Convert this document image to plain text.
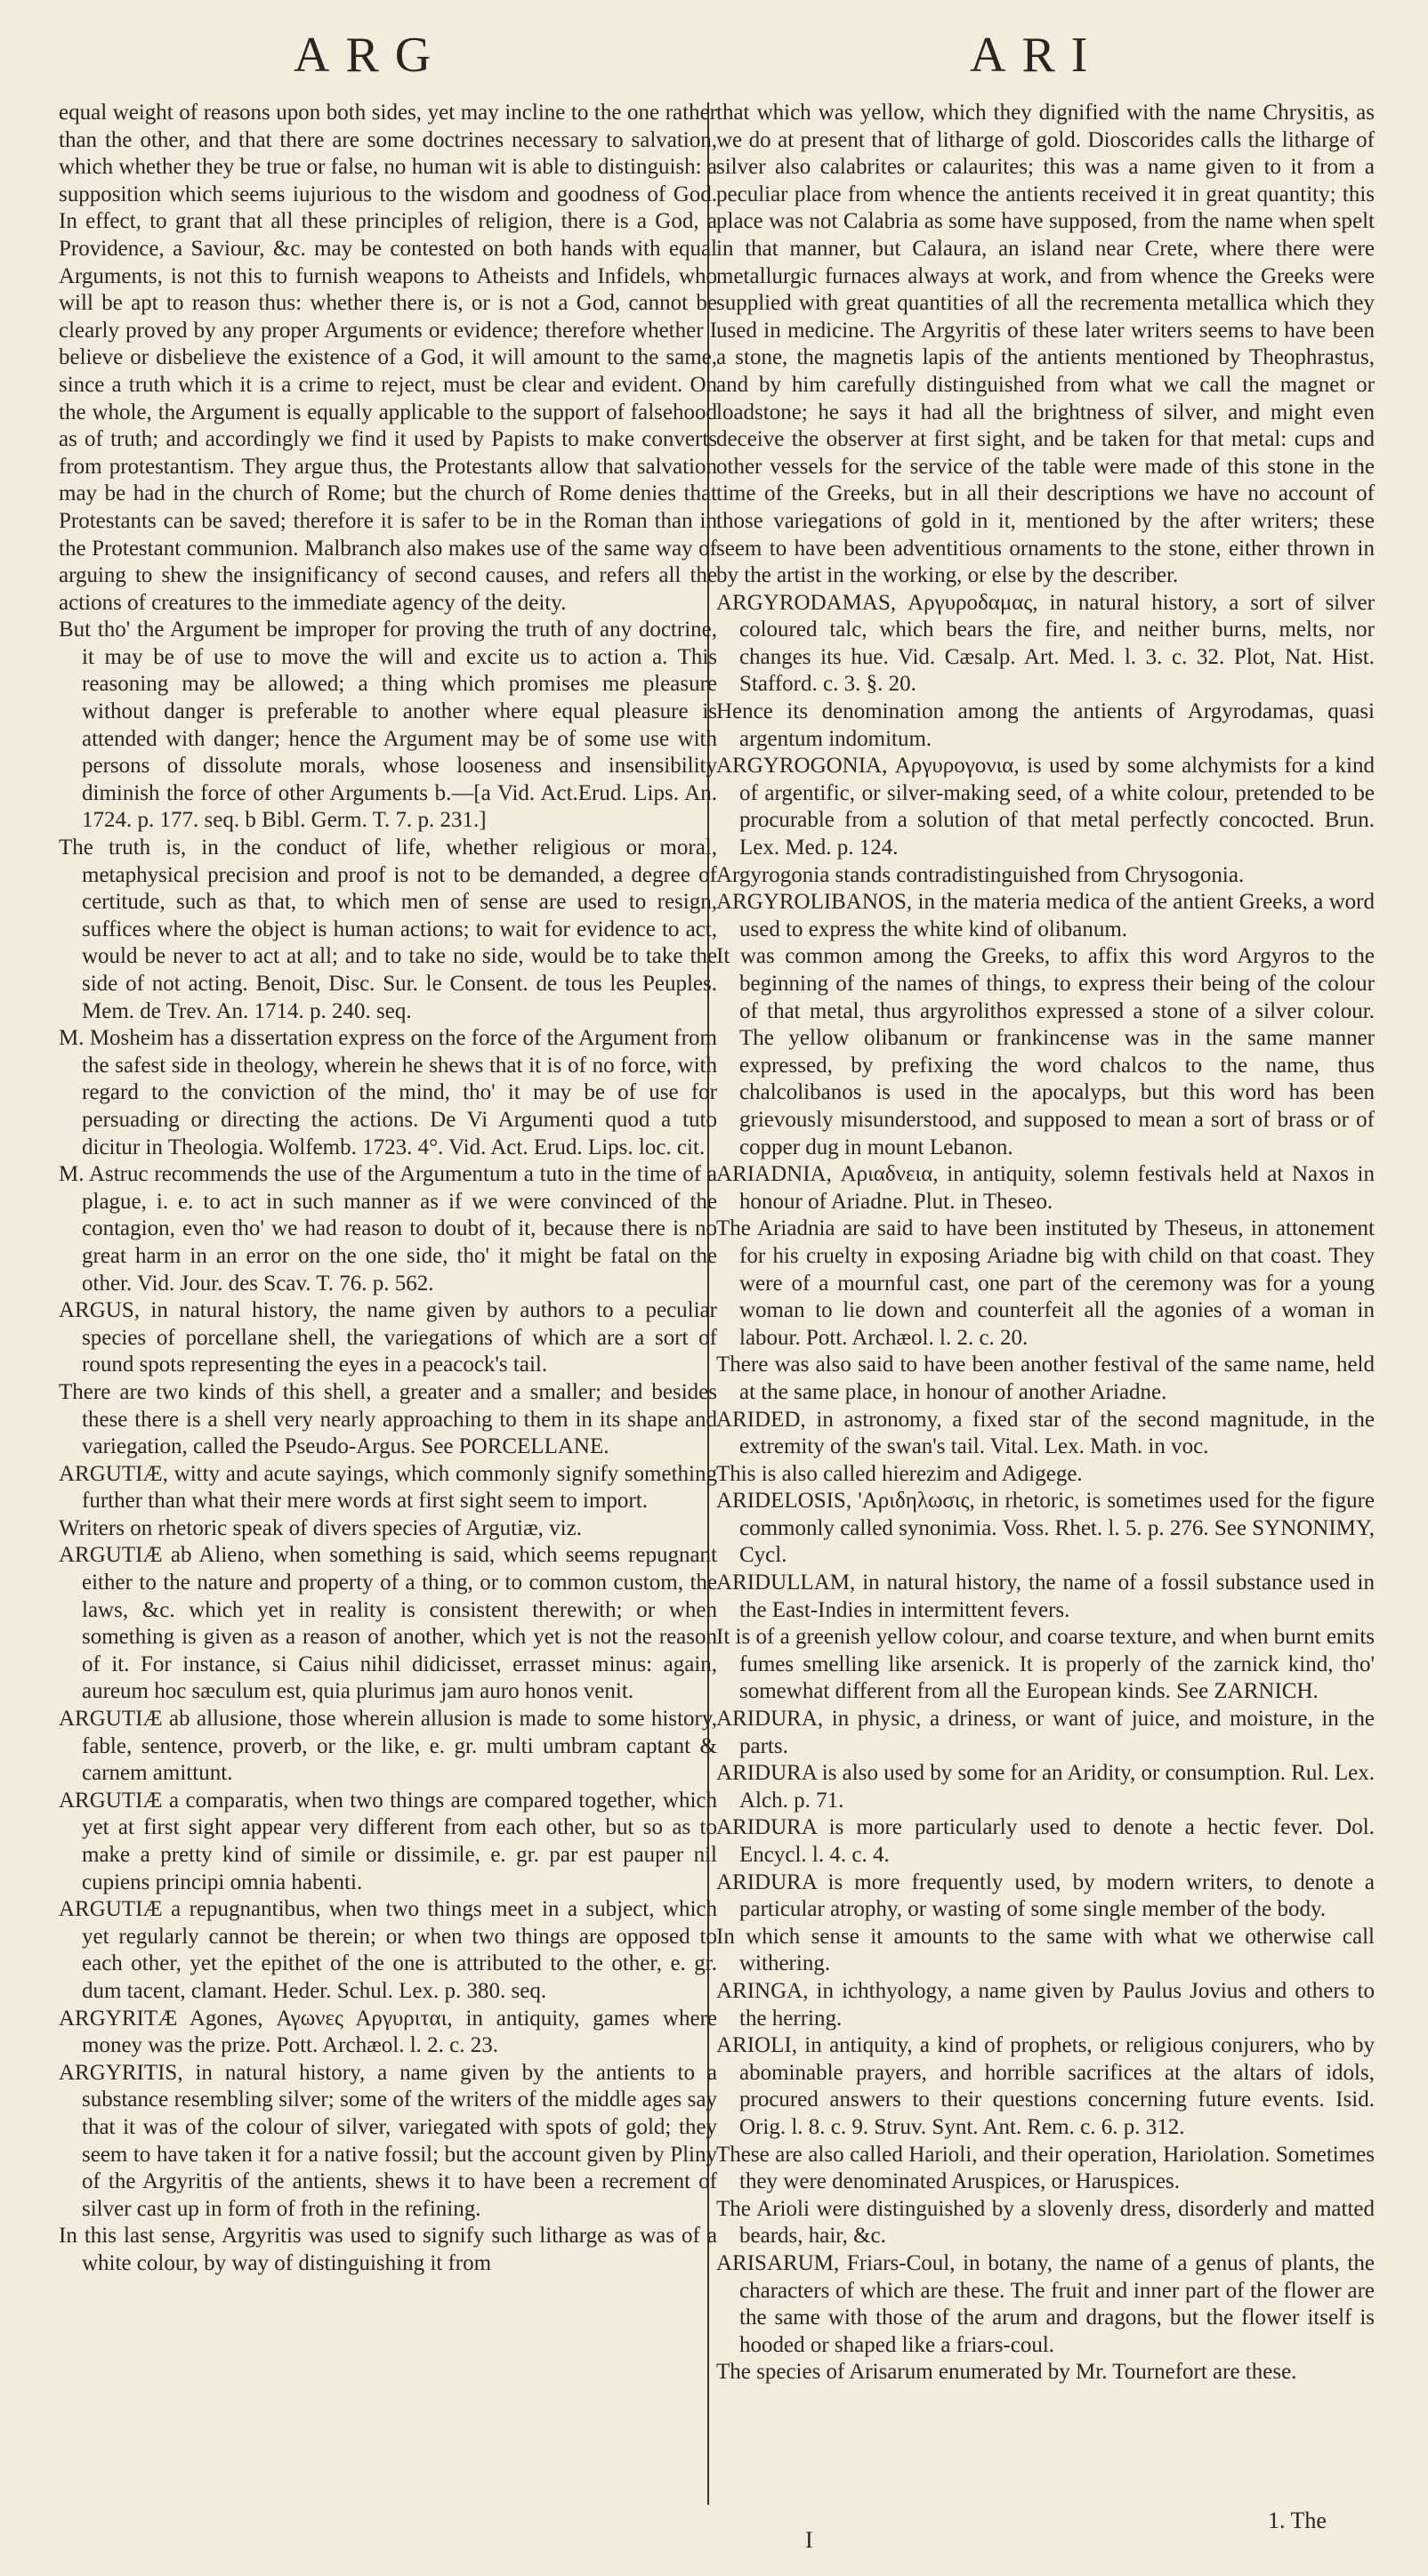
ARG	ARI

equal weight of reasons upon both sides, yet may incline to the one rather than the other, and that there are some doctrines necessary to salvation, which whether they be true or false, no human wit is able to distinguish: a supposition which seems iujurious to the wisdom and goodness of God. In effect, to grant that all these principles of religion, there is a God, a Providence, a Saviour, &c. may be contested on both hands with equal Arguments, is not this to furnish weapons to Atheists and Infidels, who will be apt to reason thus: whether there is, or is not a God, cannot be clearly proved by any proper Arguments or evidence; therefore whether I believe or disbelieve the existence of a God, it will amount to the same, since a truth which it is a crime to reject, must be clear and evident. On the whole, the Argument is equally applicable to the support of falsehood as of truth; and accordingly we find it used by Papists to make converts from protestantism. They argue thus, the Protestants allow that salvation may be had in the church of Rome; but the church of Rome denies that Protestants can be saved; therefore it is safer to be in the Roman than in the Protestant communion. Malbranch also makes use of the same way of arguing to shew the insignificancy of second causes, and refers all the actions of creatures to the immediate agency of the deity.

But tho' the Argument be improper for proving the truth of any doctrine, it may be of use to move the will and excite us to action a. This reasoning may be allowed; a thing which promises me pleasure without danger is preferable to another where equal pleasure is attended with danger; hence the Argument may be of some use with persons of dissolute morals, whose looseness and insensibility diminish the force of other Arguments b.—[a Vid. Act.Erud. Lips. An. 1724. p. 177. seq. b Bibl. Germ. T. 7. p. 231.]

The truth is, in the conduct of life, whether religious or moral, metaphysical precision and proof is not to be demanded, a degree of certitude, such as that, to which men of sense are used to resign, suffices where the object is human actions; to wait for evidence to act, would be never to act at all; and to take no side, would be to take the side of not acting. Benoit, Disc. Sur. le Consent. de tous les Peuples. Mem. de Trev. An. 1714. p. 240. seq.

M. Mosheim has a dissertation express on the force of the Argument from the safest side in theology, wherein he shews that it is of no force, with regard to the conviction of the mind, tho' it may be of use for persuading or directing the actions. De Vi Argumenti quod a tuto dicitur in Theologia. Wolfemb. 1723. 4°. Vid. Act. Erud. Lips. loc. cit.

M. Astruc recommends the use of the Argumentum a tuto in the time of a plague, i. e. to act in such manner as if we were convinced of the contagion, even tho' we had reason to doubt of it, because there is no great harm in an error on the one side, tho' it might be fatal on the other. Vid. Jour. des Scav. T. 76. p. 562.

ARGUS, in natural history, the name given by authors to a peculiar species of porcellane shell, the variegations of which are a sort of round spots representing the eyes in a peacock's tail.

There are two kinds of this shell, a greater and a smaller; and besides these there is a shell very nearly approaching to them in its shape and variegation, called the Pseudo-Argus. See PORCELLANE.

ARGUTIÆ, witty and acute sayings, which commonly signify something further than what their mere words at first sight seem to import.

Writers on rhetoric speak of divers species of Argutiæ, viz.

ARGUTIÆ ab Alieno, when something is said, which seems repugnant either to the nature and property of a thing, or to common custom, the laws, &c. which yet in reality is consistent therewith; or when something is given as a reason of another, which yet is not the reason of it. For instance, si Caius nihil didicisset, errasset minus: again, aureum hoc sæculum est, quia plurimus jam auro honos venit.

ARGUTIÆ ab allusione, those wherein allusion is made to some history, fable, sentence, proverb, or the like, e. gr. multi umbram captant & carnem amittunt.

ARGUTIÆ a comparatis, when two things are compared together, which yet at first sight appear very different from each other, but so as to make a pretty kind of simile or dissimile, e. gr. par est pauper nil cupiens principi omnia habenti.

ARGUTIÆ a repugnantibus, when two things meet in a subject, which yet regularly cannot be therein; or when two things are opposed to each other, yet the epithet of the one is attributed to the other, e. gr. dum tacent, clamant. Heder. Schul. Lex. p. 380. seq.

ARGYRITÆ Agones, Αγωνες Αργυριται, in antiquity, games where money was the prize. Pott. Archæol. l. 2. c. 23.

ARGYRITIS, in natural history, a name given by the antients to a substance resembling silver; some of the writers of the middle ages say that it was of the colour of silver, variegated with spots of gold; they seem to have taken it for a native fossil; but the account given by Pliny of the Argyritis of the antients, shews it to have been a recrement of silver cast up in form of froth in the refining.

In this last sense, Argyritis was used to signify such litharge as was of a white colour, by way of distinguishing it from

that which was yellow, which they dignified with the name Chrysitis, as we do at present that of litharge of gold. Dioscorides calls the litharge of silver also calabrites or calaurites; this was a name given to it from a peculiar place from whence the antients received it in great quantity; this place was not Calabria as some have supposed, from the name when spelt in that manner, but Calaura, an island near Crete, where there were metallurgic furnaces always at work, and from whence the Greeks were supplied with great quantities of all the recrementa metallica which they used in medicine. The Argyritis of these later writers seems to have been a stone, the magnetis lapis of the antients mentioned by Theophrastus, and by him carefully distinguished from what we call the magnet or loadstone; he says it had all the brightness of silver, and might even deceive the observer at first sight, and be taken for that metal: cups and other vessels for the service of the table were made of this stone in the time of the Greeks, but in all their descriptions we have no account of those variegations of gold in it, mentioned by the after writers; these seem to have been adventitious ornaments to the stone, either thrown in by the artist in the working, or else by the describer.

ARGYRODAMAS, Αργυροδαμας, in natural history, a sort of silver coloured talc, which bears the fire, and neither burns, melts, nor changes its hue. Vid. Cæsalp. Art. Med. l. 3. c. 32. Plot, Nat. Hist. Stafford. c. 3. §. 20.

Hence its denomination among the antients of Argyrodamas, quasi argentum indomitum.

ARGYROGONIA, Αργυρογονια, is used by some alchymists for a kind of argentific, or silver-making seed, of a white colour, pretended to be procurable from a solution of that metal perfectly concocted. Brun. Lex. Med. p. 124.

Argyrogonia stands contradistinguished from Chrysogonia.

ARGYROLIBANOS, in the materia medica of the antient Greeks, a word used to express the white kind of olibanum.

It was common among the Greeks, to affix this word Argyros to the beginning of the names of things, to express their being of the colour of that metal, thus argyrolithos expressed a stone of a silver colour. The yellow olibanum or frankincense was in the same manner expressed, by prefixing the word chalcos to the name, thus chalcolibanos is used in the apocalyps, but this word has been grievously misunderstood, and supposed to mean a sort of brass or of copper dug in mount Lebanon.

ARIADNIA, Αριαδνεια, in antiquity, solemn festivals held at Naxos in honour of Ariadne. Plut. in Theseo.

The Ariadnia are said to have been instituted by Theseus, in attonement for his cruelty in exposing Ariadne big with child on that coast. They were of a mournful cast, one part of the ceremony was for a young woman to lie down and counterfeit all the agonies of a woman in labour. Pott. Archæol. l. 2. c. 20.

There was also said to have been another festival of the same name, held at the same place, in honour of another Ariadne.

ARIDED, in astronomy, a fixed star of the second magnitude, in the extremity of the swan's tail. Vital. Lex. Math. in voc.

This is also called hierezim and Adigege.

ARIDELOSIS, 'Αριδηλωσις, in rhetoric, is sometimes used for the figure commonly called synonimia. Voss. Rhet. l. 5. p. 276. See SYNONIMY, Cycl.

ARIDULLAM, in natural history, the name of a fossil substance used in the East-Indies in intermittent fevers.

It is of a greenish yellow colour, and coarse texture, and when burnt emits fumes smelling like arsenick. It is properly of the zarnick kind, tho' somewhat different from all the European kinds. See ZARNICH.

ARIDURA, in physic, a driness, or want of juice, and moisture, in the parts.

ARIDURA is also used by some for an Aridity, or consumption. Rul. Lex. Alch. p. 71.

ARIDURA is more particularly used to denote a hectic fever. Dol. Encycl. l. 4. c. 4.

ARIDURA is more frequently used, by modern writers, to denote a particular atrophy, or wasting of some single member of the body.

In which sense it amounts to the same with what we otherwise call withering.

ARINGA, in ichthyology, a name given by Paulus Jovius and others to the herring.

ARIOLI, in antiquity, a kind of prophets, or religious conjurers, who by abominable prayers, and horrible sacrifices at the altars of idols, procured answers to their questions concerning future events. Isid. Orig. l. 8. c. 9. Struv. Synt. Ant. Rem. c. 6. p. 312.

These are also called Harioli, and their operation, Hariolation. Sometimes they were denominated Aruspices, or Haruspices.

The Arioli were distinguished by a slovenly dress, disorderly and matted beards, hair, &c.

ARISARUM, Friars-Coul, in botany, the name of a genus of plants, the characters of which are these. The fruit and inner part of the flower are the same with those of the arum and dragons, but the flower itself is hooded or shaped like a friars-coul.

The species of Arisarum enumerated by Mr. Tournefort are these.

I
1. The
